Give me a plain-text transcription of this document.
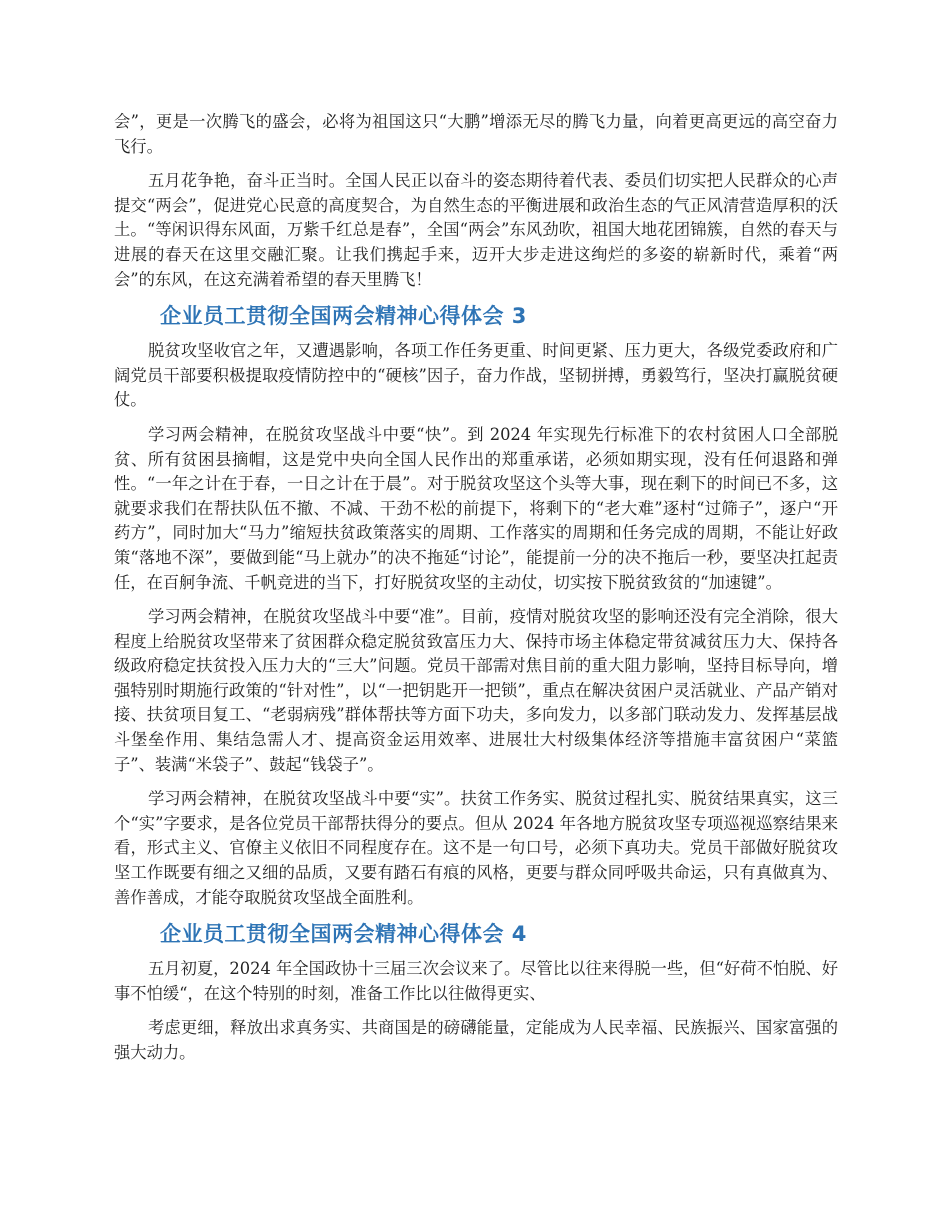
会”，更是一次腾飞的盛会，必将为祖国这只“大鹏”增添无尽的腾飞力量，向着更高更远的高空奋力飞行。

五月花争艳，奋斗正当时。全国人民正以奋斗的姿态期待着代表、委员们切实把人民群众的心声提交“两会”，促进党心民意的高度契合，为自然生态的平衡进展和政治生态的气正风清营造厚积的沃土。“等闲识得东风面，万紫千红总是春”，全国“两会”东风劲吹，祖国大地花团锦簇，自然的春天与进展的春天在这里交融汇聚。让我们携起手来，迈开大步走进这绚烂的多姿的崭新时代，乘着“两会”的东风，在这充满着希望的春天里腾飞！

企业员工贯彻全国两会精神心得体会 3

脱贫攻坚收官之年，又遭遇影响，各项工作任务更重、时间更紧、压力更大，各级党委政府和广阔党员干部要积极提取疫情防控中的“硬核”因子，奋力作战，坚韧拼搏，勇毅笃行，坚决打赢脱贫硬仗。

学习两会精神，在脱贫攻坚战斗中要“快”。到 2024 年实现先行标准下的农村贫困人口全部脱贫、所有贫困县摘帽，这是党中央向全国人民作出的郑重承诺，必须如期实现，没有任何退路和弹性。“一年之计在于春，一日之计在于晨”。对于脱贫攻坚这个头等大事，现在剩下的时间已不多，这就要求我们在帮扶队伍不撤、不减、干劲不松的前提下，将剩下的“老大难”逐村“过筛子”，逐户“开药方”，同时加大“马力”缩短扶贫政策落实的周期、工作落实的周期和任务完成的周期，不能让好政策“落地不深”，要做到能“马上就办”的决不拖延“讨论”，能提前一分的决不拖后一秒，要坚决扛起责任，在百舸争流、千帆竞进的当下，打好脱贫攻坚的主动仗，切实按下脱贫致贫的“加速键”。

学习两会精神，在脱贫攻坚战斗中要“准”。目前，疫情对脱贫攻坚的影响还没有完全消除，很大程度上给脱贫攻坚带来了贫困群众稳定脱贫致富压力大、保持市场主体稳定带贫减贫压力大、保持各级政府稳定扶贫投入压力大的“三大”问题。党员干部需对焦目前的重大阻力影响，坚持目标导向，增强特别时期施行政策的“针对性”，以“一把钥匙开一把锁”，重点在解决贫困户灵活就业、产品产销对接、扶贫项目复工、“老弱病残”群体帮扶等方面下功夫，多向发力，以多部门联动发力、发挥基层战斗堡垒作用、集结急需人才、提高资金运用效率、进展壮大村级集体经济等措施丰富贫困户“菜篮子”、装满“米袋子”、鼓起“钱袋子”。

学习两会精神，在脱贫攻坚战斗中要“实”。扶贫工作务实、脱贫过程扎实、脱贫结果真实，这三个“实”字要求，是各位党员干部帮扶得分的要点。但从 2024 年各地方脱贫攻坚专项巡视巡察结果来看，形式主义、官僚主义依旧不同程度存在。这不是一句口号，必须下真功夫。党员干部做好脱贫攻坚工作既要有细之又细的品质，又要有踏石有痕的风格，更要与群众同呼吸共命运，只有真做真为、善作善成，才能夺取脱贫攻坚战全面胜利。

企业员工贯彻全国两会精神心得体会 4

五月初夏，2024 年全国政协十三届三次会议来了。尽管比以往来得脱一些，但“好荷不怕脱、好事不怕缓“，在这个特别的时刻，准备工作比以往做得更实、

考虑更细，释放出求真务实、共商国是的磅礴能量，定能成为人民幸福、民族振兴、国家富强的强大动力。
